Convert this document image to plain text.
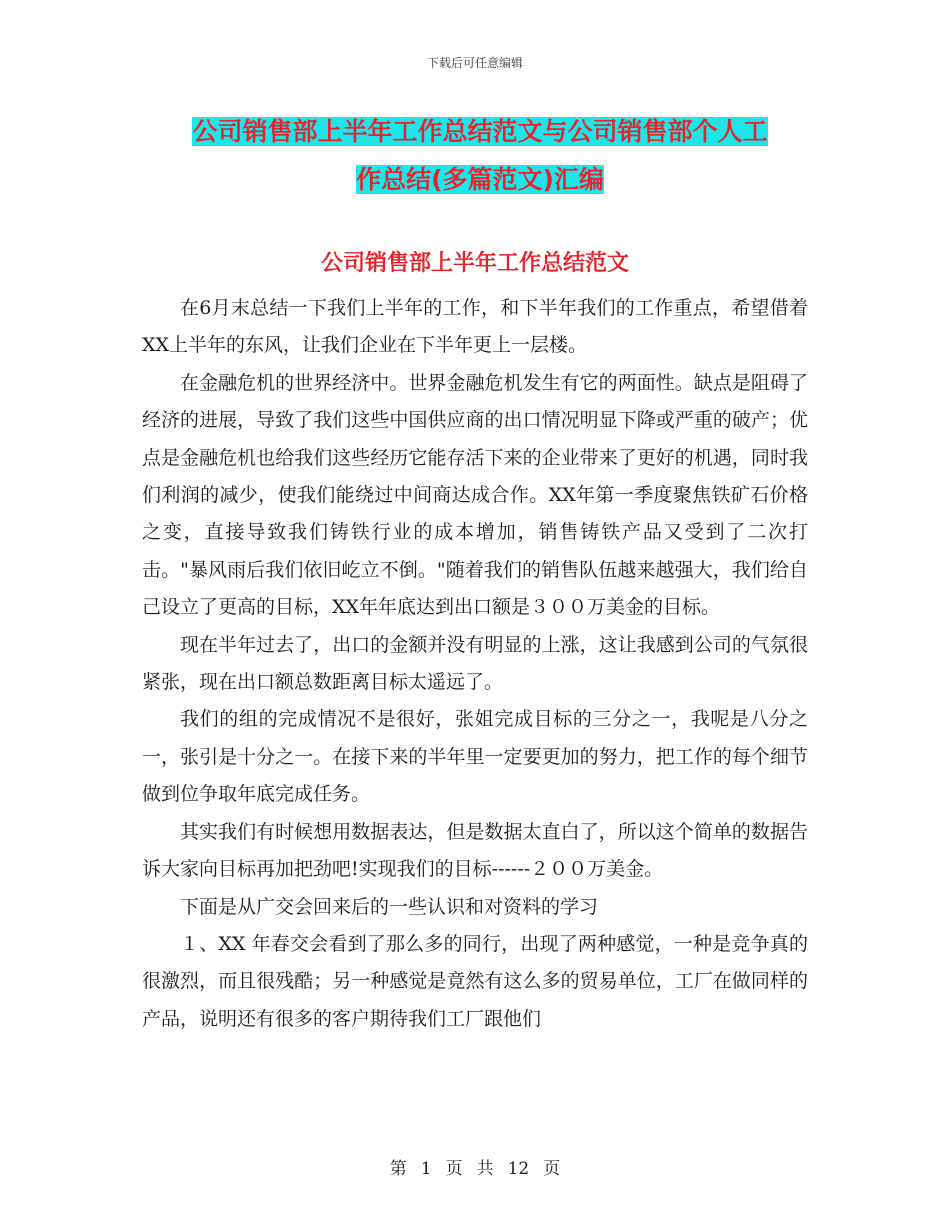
下载后可任意编辑
公司销售部上半年工作总结范文与公司销售部个人工
作总结(多篇范文)汇编
公司销售部上半年工作总结范文

在6月末总结一下我们上半年的工作，和下半年我们的工作重点，希望借着XX上半年的东风，让我们企业在下半年更上一层楼。

在金融危机的世界经济中。世界金融危机发生有它的两面性。缺点是阻碍了经济的进展，导致了我们这些中国供应商的出口情况明显下降或严重的破产；优点是金融危机也给我们这些经历它能存活下来的企业带来了更好的机遇，同时我们利润的减少，使我们能绕过中间商达成合作。XX年第一季度聚焦铁矿石价格之变，直接导致我们铸铁行业的成本增加，销售铸铁产品又受到了二次打击。"暴风雨后我们依旧屹立不倒。"随着我们的销售队伍越来越强大，我们给自己设立了更高的目标，XX年年底达到出口额是３００万美金的目标。

现在半年过去了，出口的金额并没有明显的上涨，这让我感到公司的气氛很紧张，现在出口额总数距离目标太遥远了。

我们的组的完成情况不是很好，张姐完成目标的三分之一，我呢是八分之一，张引是十分之一。在接下来的半年里一定要更加的努力，把工作的每个细节做到位争取年底完成任务。

其实我们有时候想用数据表达，但是数据太直白了，所以这个简单的数据告诉大家向目标再加把劲吧!实现我们的目标------２００万美金。

下面是从广交会回来后的一些认识和对资料的学习

１、XX 年春交会看到了那么多的同行，出现了两种感觉，一种是竞争真的很激烈，而且很残酷；另一种感觉是竟然有这么多的贸易单位，工厂在做同样的产品，说明还有很多的客户期待我们工厂跟他们

第 1 页 共 12 页
